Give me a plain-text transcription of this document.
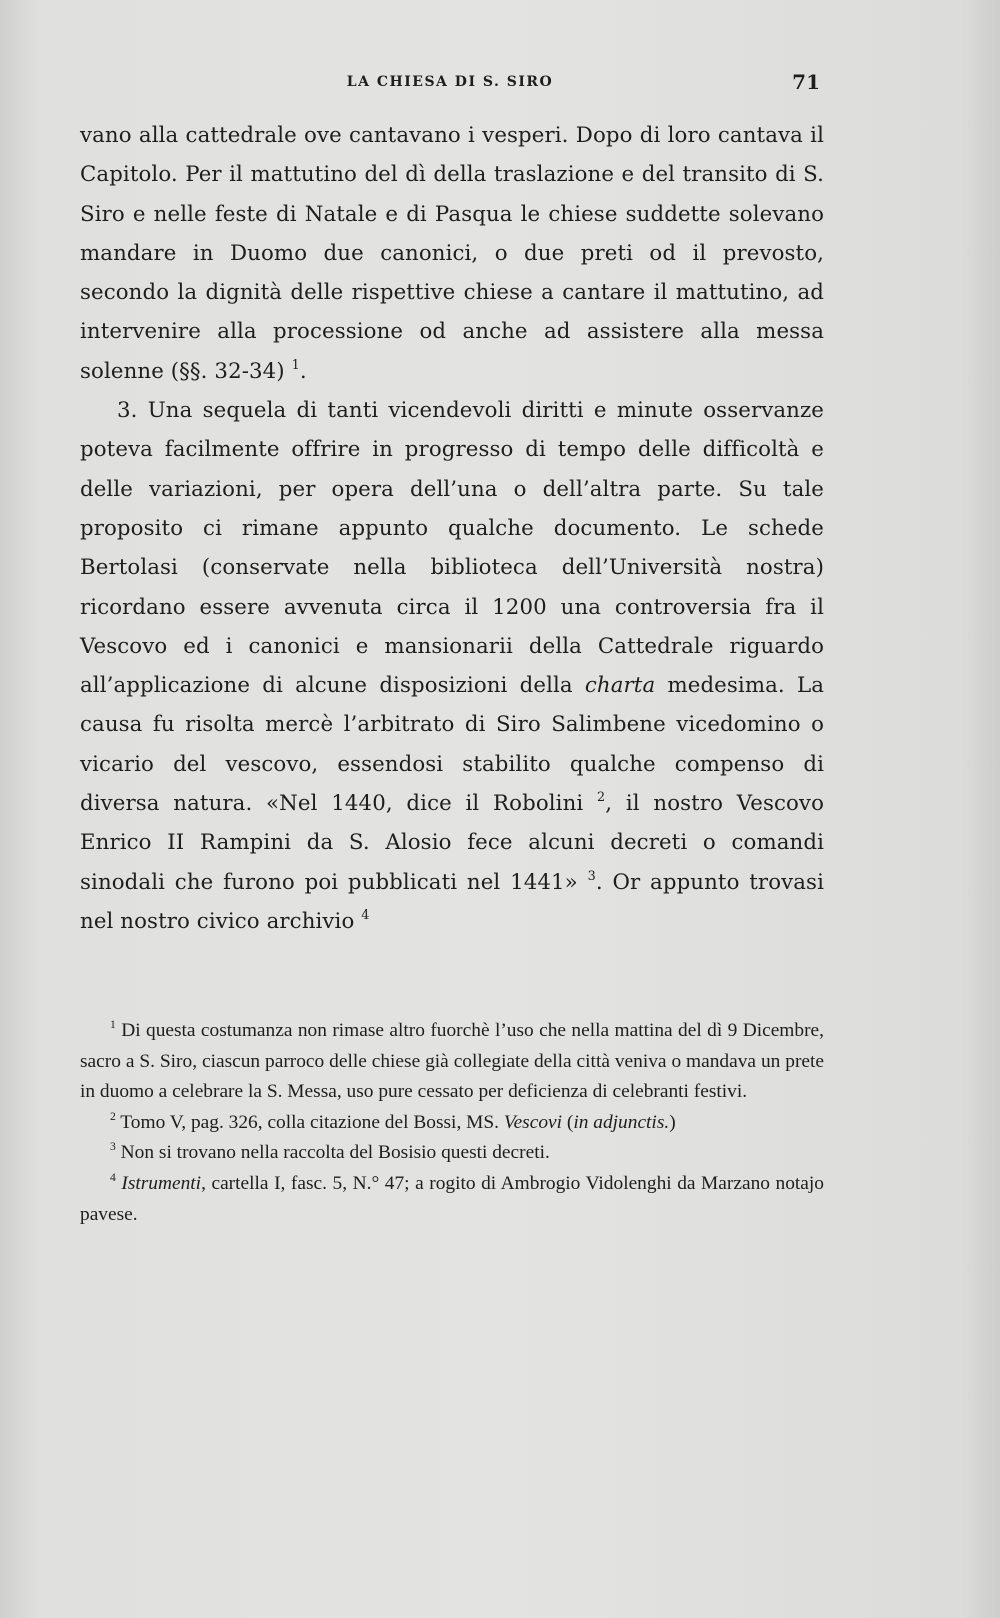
LA CHIESA DI S. SIRO	71

vano alla cattedrale ove cantavano i vesperi. Dopo di loro cantava il Capitolo. Per il mattutino del dì della traslazione e del transito di S. Siro e nelle feste di Natale e di Pasqua le chiese suddette solevano mandare in Duomo due canonici, o due preti od il prevosto, secondo la dignità delle rispettive chiese a cantare il mattutino, ad intervenire alla processione od anche ad assistere alla messa solenne (§§. 32-34) $^1$.

3. Una sequela di tanti vicendevoli diritti e minute osservanze poteva facilmente offrire in progresso di tempo delle difficoltà e delle variazioni, per opera dell’una o dell’altra parte. Su tale proposito ci rimane appunto qualche documento. Le schede Bertolasi (conservate nella biblioteca dell’Università nostra) ricordano essere avvenuta circa il 1200 una controversia fra il Vescovo ed i canonici e mansionarii della Cattedrale riguardo all’applicazione di alcune disposizioni della charta medesima. La causa fu risolta mercè l’arbitrato di Siro Salimbene vicedomino o vicario del vescovo, essendosi stabilito qualche compenso di diversa natura. «Nel 1440, dice il Robolini $^2$, il nostro Vescovo Enrico II Rampini da S. Alosio fece alcuni decreti o comandi sinodali che furono poi pubblicati nel 1441» $^3$. Or appunto trovasi nel nostro civico archivio $^4$

$^1$ Di questa costumanza non rimase altro fuorchè l’uso che nella mattina del dì 9 Dicembre, sacro a S. Siro, ciascun parroco delle chiese già collegiate della città veniva o mandava un prete in duomo a celebrare la S. Messa, uso pure cessato per deficienza di celebranti festivi.

$^2$ Tomo V, pag. 326, colla citazione del Bossi, MS. Vescovi (in adjunctis.)

$^3$ Non si trovano nella raccolta del Bosisio questi decreti.

$^4$ Istrumenti, cartella I, fasc. 5, N.° 47; a rogito di Ambrogio Vidolenghi da Marzano notajo pavese.
